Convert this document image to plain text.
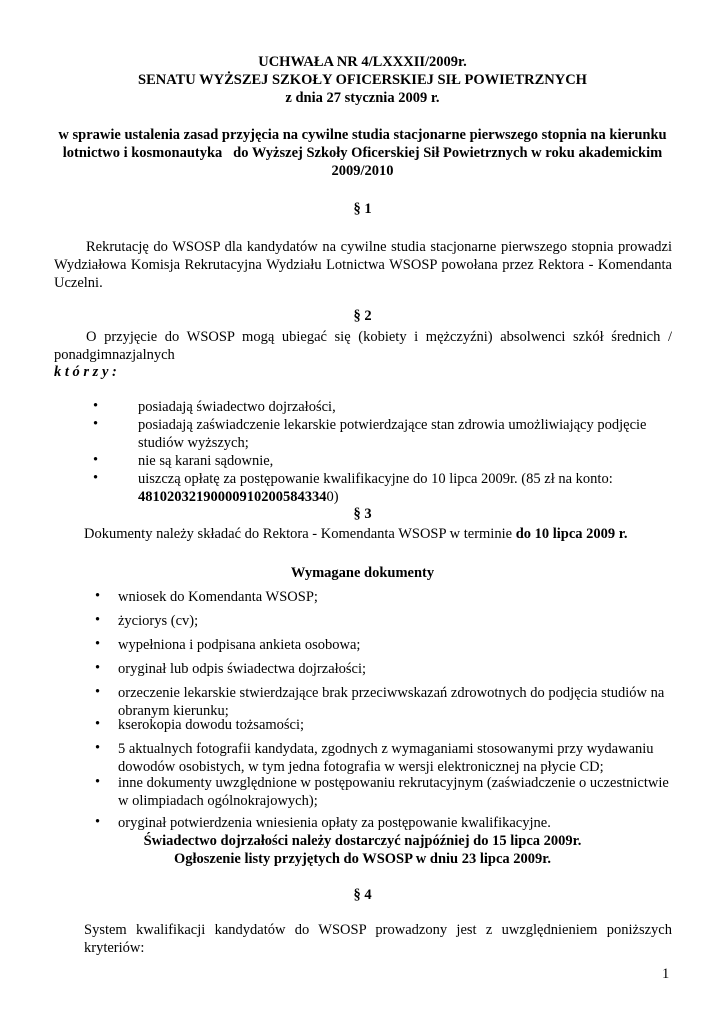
UCHWAŁA NR 4/LXXXII/2009r.
SENATU WYŻSZEJ SZKOŁY OFICERSKIEJ SIŁ POWIETRZNYCH
z dnia 27 stycznia 2009 r.
w sprawie ustalenia zasad przyjęcia na cywilne studia stacjonarne pierwszego stopnia na kierunku
lotnictwo i kosmonautyka   do Wyższej Szkoły Oficerskiej Sił Powietrznych w roku akademickim
2009/2010
§ 1
Rekrutację do WSOSP dla kandydatów na cywilne studia stacjonarne pierwszego stopnia prowadzi Wydziałowa Komisja Rekrutacyjna Wydziału Lotnictwa WSOSP powołana przez Rektora - Komendanta Uczelni.
§ 2
O przyjęcie do WSOSP mogą ubiegać się (kobiety i mężczyźni) absolwenci szkół średnich / ponadgimnazjalnych
k t ó r z y :
•	posiadają świadectwo dojrzałości,
•	posiadają zaświadczenie lekarskie potwierdzające stan zdrowia umożliwiający podjęcie studiów wyższych;
•	nie są karani sądownie,
•	uiszczą opłatę za postępowanie kwalifikacyjne do 10 lipca 2009r. (85 zł na konto:
481020321900009102005843340)
§ 3
Dokumenty należy składać do Rektora - Komendanta WSOSP w terminie do 10 lipca 2009 r.
Wymagane dokumenty
• wniosek do Komendanta WSOSP;
• życiorys (cv);
• wypełniona i podpisana ankieta osobowa;
• oryginał lub odpis świadectwa dojrzałości;
• orzeczenie lekarskie stwierdzające brak przeciwwskazań zdrowotnych do podjęcia studiów na obranym kierunku;
• kserokopia dowodu tożsamości;
• 5 aktualnych fotografii kandydata, zgodnych z wymaganiami stosowanymi przy wydawaniu dowodów osobistych, w tym jedna fotografia w wersji elektronicznej na płycie CD;
• inne dokumenty uwzględnione w postępowaniu rekrutacyjnym (zaświadczenie o uczestnictwie w olimpiadach ogólnokrajowych);
• oryginał potwierdzenia wniesienia opłaty za postępowanie kwalifikacyjne.
Świadectwo dojrzałości należy dostarczyć najpóźniej do 15 lipca 2009r.
Ogłoszenie listy przyjętych do WSOSP w dniu 23 lipca 2009r.
§ 4
System kwalifikacji kandydatów do WSOSP prowadzony jest z uwzględnieniem poniższych kryteriów:
1
